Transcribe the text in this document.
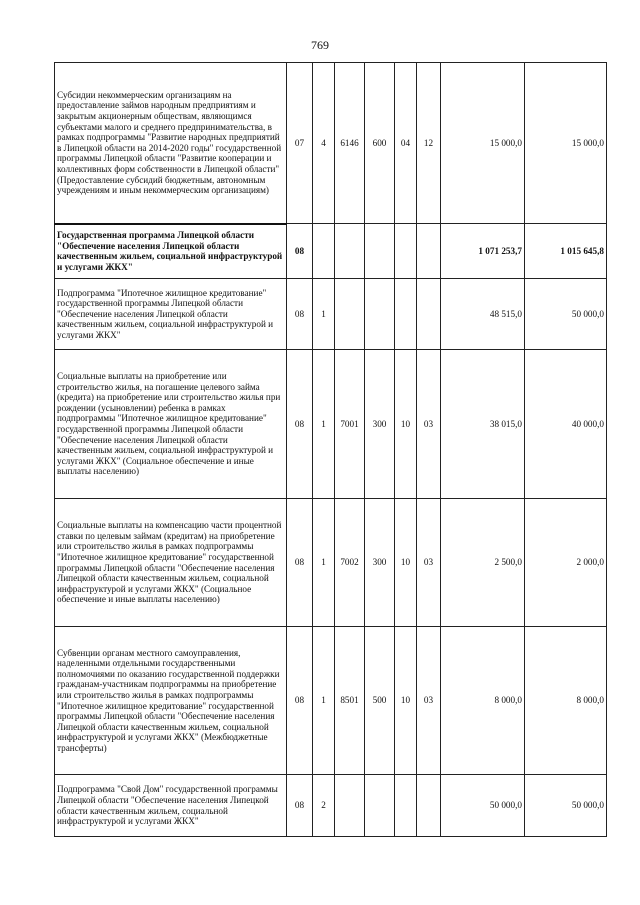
769
Субсидии некоммерческим организациям на предоставление займов народным предприятиям и закрытым акционерным обществам, являющимся субъектами малого и среднего предпринимательства, в рамках подпрограммы "Развитие народных предприятий в Липецкой области на 2014-2020 годы" государственной программы Липецкой области "Развитие кооперации и коллективных форм собственности в Липецкой области" (Предоставление субсидий бюджетным, автономным учреждениям и иным некоммерческим организациям)	07	4	6146	600	04	12	15 000,0	15 000,0
Государственная программа Липецкой области "Обеспечение населения Липецкой области качественным жильем, социальной инфраструктурой и услугами ЖКХ"	08						1 071 253,7	1 015 645,8
Подпрограмма "Ипотечное жилищное кредитование" государственной программы Липецкой области "Обеспечение населения Липецкой области качественным жильем, социальной инфраструктурой и услугами ЖКХ"	08	1					48 515,0	50 000,0
Социальные выплаты на приобретение или строительство жилья, на погашение целевого займа (кредита) на приобретение или строительство жилья при рождении (усыновлении) ребенка в рамках подпрограммы "Ипотечное жилищное кредитование" государственной программы Липецкой области "Обеспечение населения Липецкой области качественным жильем, социальной инфраструктурой и услугами ЖКХ" (Социальное обеспечение и иные выплаты населению)	08	1	7001	300	10	03	38 015,0	40 000,0
Социальные выплаты на компенсацию части процентной ставки по целевым займам (кредитам) на приобретение или строительство жилья в рамках подпрограммы "Ипотечное жилищное кредитование" государственной программы Липецкой области "Обеспечение населения Липецкой области качественным жильем, социальной инфраструктурой и услугами ЖКХ" (Социальное обеспечение и иные выплаты населению)	08	1	7002	300	10	03	2 500,0	2 000,0
Субвенции органам местного самоуправления, наделенными отдельными государственными полномочиями по оказанию государственной поддержки гражданам-участникам подпрограммы на приобретение или строительство жилья в рамках подпрограммы "Ипотечное жилищное кредитование" государственной программы Липецкой области "Обеспечение населения Липецкой области качественным жильем, социальной инфраструктурой и услугами ЖКХ" (Межбюджетные трансферты)	08	1	8501	500	10	03	8 000,0	8 000,0
Подпрограмма "Свой Дом" государственной программы Липецкой области "Обеспечение населения Липецкой области качественным жильем, социальной инфраструктурой и услугами ЖКХ"	08	2					50 000,0	50 000,0
